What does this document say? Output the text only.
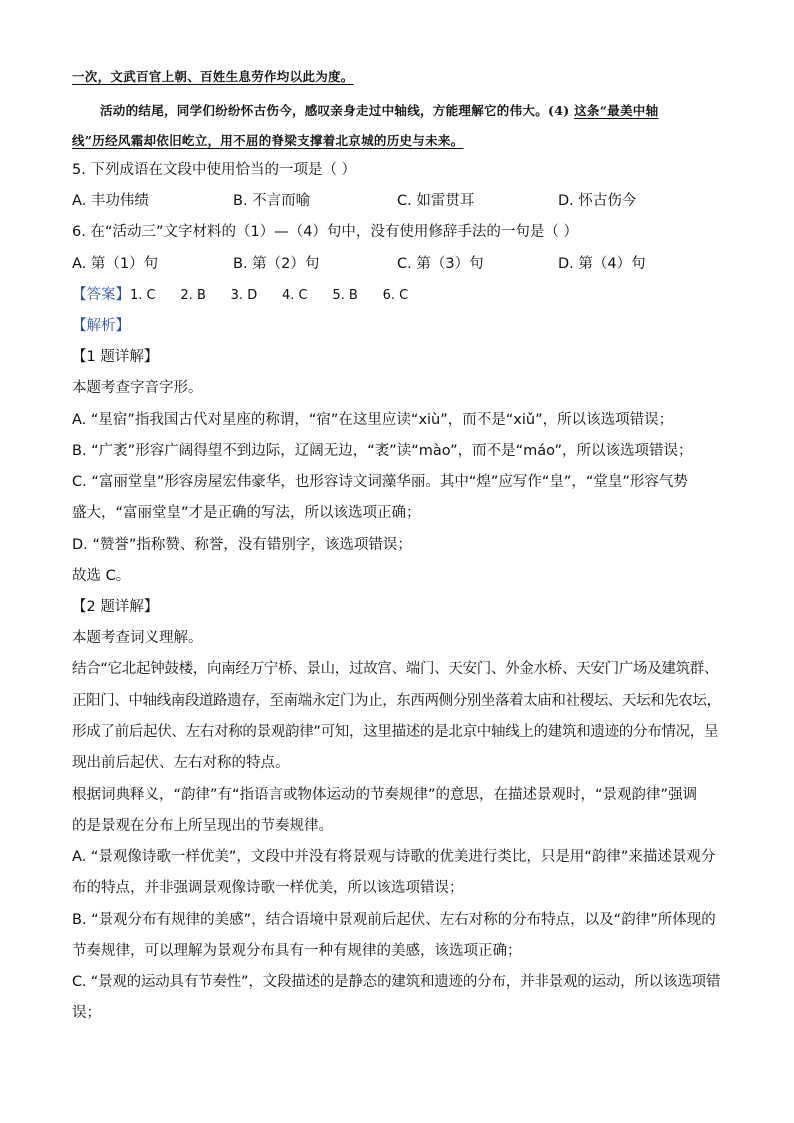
一次，文武百官上朝、百姓生息劳作均以此为度。
活动的结尾，同学们纷纷怀古伤今，感叹亲身走过中轴线，方能理解它的伟大。(4) 这条“最美中轴
线”历经风霜却依旧屹立，用不屈的脊梁支撑着北京城的历史与未来。
5. 下列成语在文段中使用恰当的一项是（ ）
A. 丰功伟绩	B. 不言而喻	C. 如雷贯耳	D. 怀古伤今
6. 在“活动三”文字材料的（1）—（4）句中，没有使用修辞手法的一句是（ ）
A. 第（1）句	B. 第（2）句	C. 第（3）句	D. 第（4）句
【答案】1. C      2. B      3. D      4. C      5. B      6. C
【解析】
【1 题详解】
本题考查字音字形。
A. “星宿”指我国古代对星座的称谓，“宿”在这里应读“xiù”，而不是“xiǔ”，所以该选项错误；
B. “广袤”形容广阔得望不到边际，辽阔无边，“袤”读“mào”，而不是“máo”，所以该选项错误；
C. “富丽堂皇”形容房屋宏伟豪华，也形容诗文词藻华丽。其中“煌”应写作“皇”，“堂皇”形容气势
盛大，“富丽堂皇”才是正确的写法，所以该选项正确；
D. “赞誉”指称赞、称誉，没有错别字，该选项错误；
故选 C。
【2 题详解】
本题考查词义理解。
结合“它北起钟鼓楼，向南经万宁桥、景山，过故宫、端门、天安门、外金水桥、天安门广场及建筑群、
正阳门、中轴线南段道路遗存，至南端永定门为止，东西两侧分别坐落着太庙和社稷坛、天坛和先农坛，
形成了前后起伏、左右对称的景观韵律”可知，这里描述的是北京中轴线上的建筑和遗迹的分布情况，呈
现出前后起伏、左右对称的特点。
根据词典释义，“韵律”有“指语言或物体运动的节奏规律”的意思，在描述景观时，“景观韵律”强调
的是景观在分布上所呈现出的节奏规律。
A. “景观像诗歌一样优美”，文段中并没有将景观与诗歌的优美进行类比，只是用“韵律”来描述景观分
布的特点，并非强调景观像诗歌一样优美，所以该选项错误；
B. “景观分布有规律的美感”，结合语境中景观前后起伏、左右对称的分布特点，以及“韵律”所体现的
节奏规律，可以理解为景观分布具有一种有规律的美感，该选项正确；
C. “景观的运动具有节奏性”，文段描述的是静态的建筑和遗迹的分布，并非景观的运动，所以该选项错
误；
